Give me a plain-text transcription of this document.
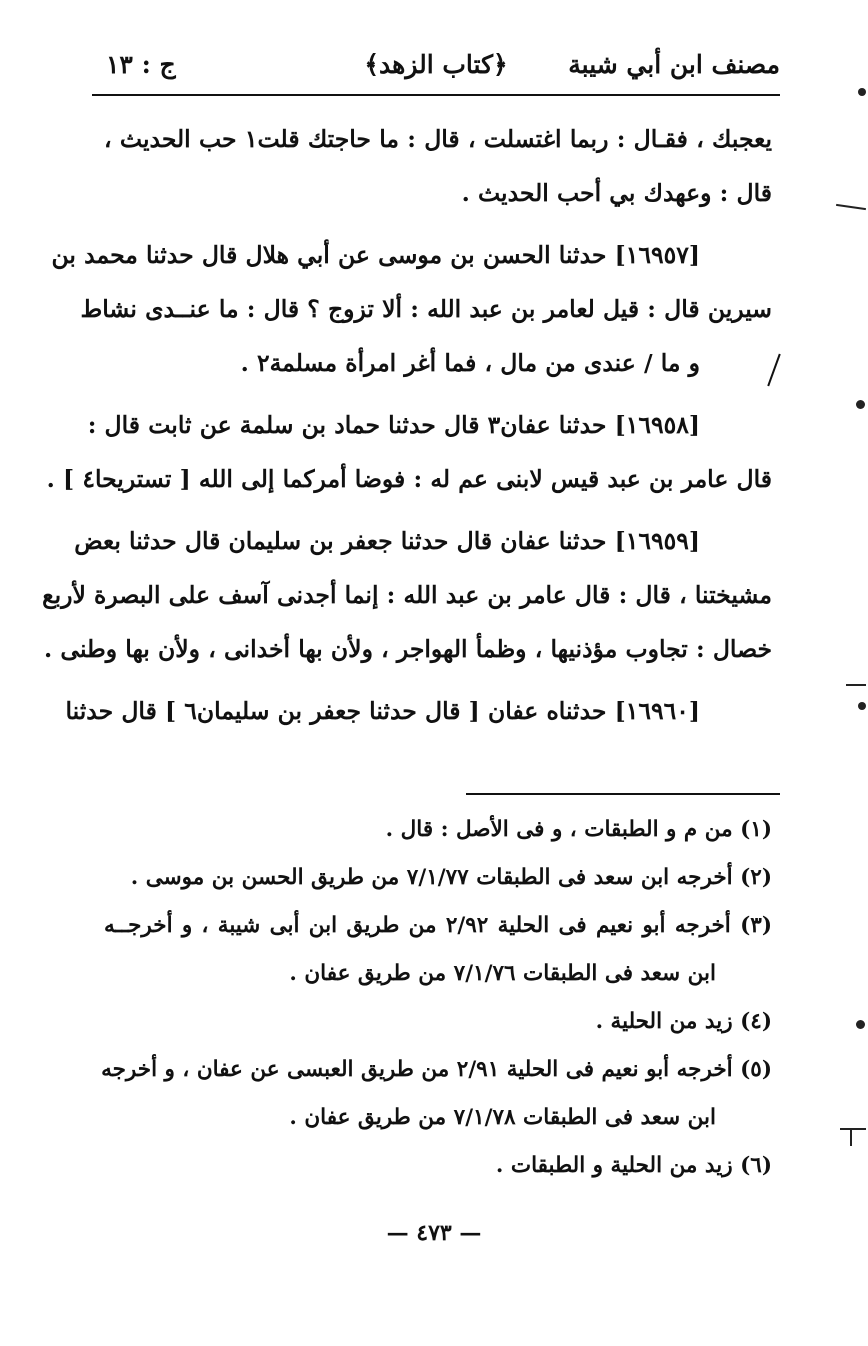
مصنف ابن أبي شيبة
﴿كتاب الزهد﴾
ج : ١٣
يعجبك ، فقـال : ربما اغتسلت ، قال : ما حاجتك قلت١ حب الحديث ،
قال : وعهدك بي أحب الحديث .
[١٦٩٥٧] حدثنا الحسن بن موسى عن أبي هلال قال حدثنا محمد بن
سيرين قال : قيل لعامر بن عبد الله : ألا تزوج ؟ قال : ما عنــدى نشاط
و ما / عندى من مال ، فما أغر امرأة مسلمة٢ .
[١٦٩٥٨] حدثنا عفان٣ قال حدثنا حماد بن سلمة عن ثابت قال :
قال عامر بن عبد قيس لابنى عم له : فوضا أمركما إلى الله [ تستريحا٤ ] .
[١٦٩٥٩] حدثنا عفان قال حدثنا جعفر بن سليمان قال حدثنا بعض
مشيختنا ، قال : قال عامر بن عبد الله : إنما أجدنى آسف على البصرة لأربع
خصال : تجاوب مؤذنيها ، وظمأ الهواجر ، ولأن بها أخدانى ، ولأن بها وطنى .
[١٦٩٦٠] حدثناه عفان [ قال حدثنا جعفر بن سليمان٦ ] قال حدثنا
(١) من م و الطبقات ، و فى الأصل : قال .
(٢) أخرجه ابن سعد فى الطبقات ٧/١/٧٧ من طريق الحسن بن موسى .
(٣) أخرجه أبو نعيم فى الحلية ٢/٩٢ من طريق ابن أبى شيبة ، و أخرجــه
ابن سعد فى الطبقات ٧/١/٧٦ من طريق عفان .
(٤) زيد من الحلية .
(٥) أخرجه أبو نعيم فى الحلية ٢/٩١ من طريق العبسى عن عفان ، و أخرجه
ابن سعد فى الطبقات ٧/١/٧٨ من طريق عفان .
(٦) زيد من الحلية و الطبقات .
— ٤٧٣ —
